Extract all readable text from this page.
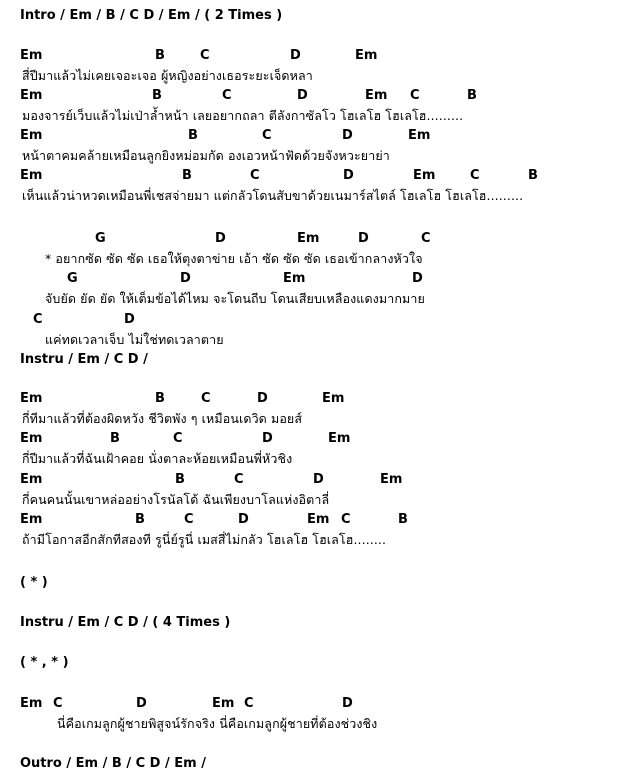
Intro / Em / B / C D / Em / ( 2 Times )
Em	B	C	D	Em
สี่ปีมาแล้วไม่เคยเจอะเจอ ผู้หญิงอย่างเธอระยะเจ็ดหลา
Em	B	C	D	Em C	B
มองจารย์เว็บแล้วไม่เป่าล้ำหน้า เลยอยากถลา ตีลังกาซัลโว โฮเลโฮ โฮเลโฮ.........
Em	B	C	D	Em
หน้าตาคมคล้ายเหมือนลูกยิงหม่อมกัด องเอวหน้าฟัดด้วยจังหวะยาย่า
Em	B	C	D	Em	C	B
เห็นแล้วน่าหวดเหมือนพี่เชสจ่ายมา แต่กลัวโดนสับขาด้วยเนมาร์สไตล์ โฮเลโฮ โฮเลโฮ.........
G	D	Em	D	C
* อยากซัด ซัด ซัด เธอให้ตุงตาข่าย เอ้า ซัด ซัด ซัด เธอเข้ากลางหัวใจ
G	D	Em	D
จับยัด ยัด ยัด ให้เต็มข้อได้ไหม จะโดนถีบ โดนเสียบเหลืองแดงมากมาย
C	D
แค่ทดเวลาเจ็บ ไม่ใช่ทดเวลาตาย
Instru / Em / C D /
Em	B	C	D	Em
กี่ทีมาแล้วที่ต้องผิดหวัง ชีวิตพัง ๆ เหมือนเดวิด มอยส์
Em	B	C	D	Em
กี่ปีมาแล้วที่ฉันเฝ้าคอย นั่งตาละห้อยเหมือนพี่หัวชิง
Em	B	C	D	Em
กี่คนคนนั้นเขาหล่ออย่างโรนัลโด้ ฉันเพียงบาโลแห่งอิตาลี่
Em	B	C	D	Em C	B
ถ้ามีโอกาสอีกสักทีสองที รูนี่ย์รูนี่ เมสสี่ไม่กลัว โฮเลโฮ โฮเลโฮ........
( * )
Instru / Em / C D / ( 4 Times )
( * , * )
Em C	D	Em C	D
นี่คือเกมลูกผู้ชายพิสูจน์รักจริง นี่คือเกมลูกผู้ชายที่ต้องช่วงชิง
Outro / Em / B / C D / Em /
